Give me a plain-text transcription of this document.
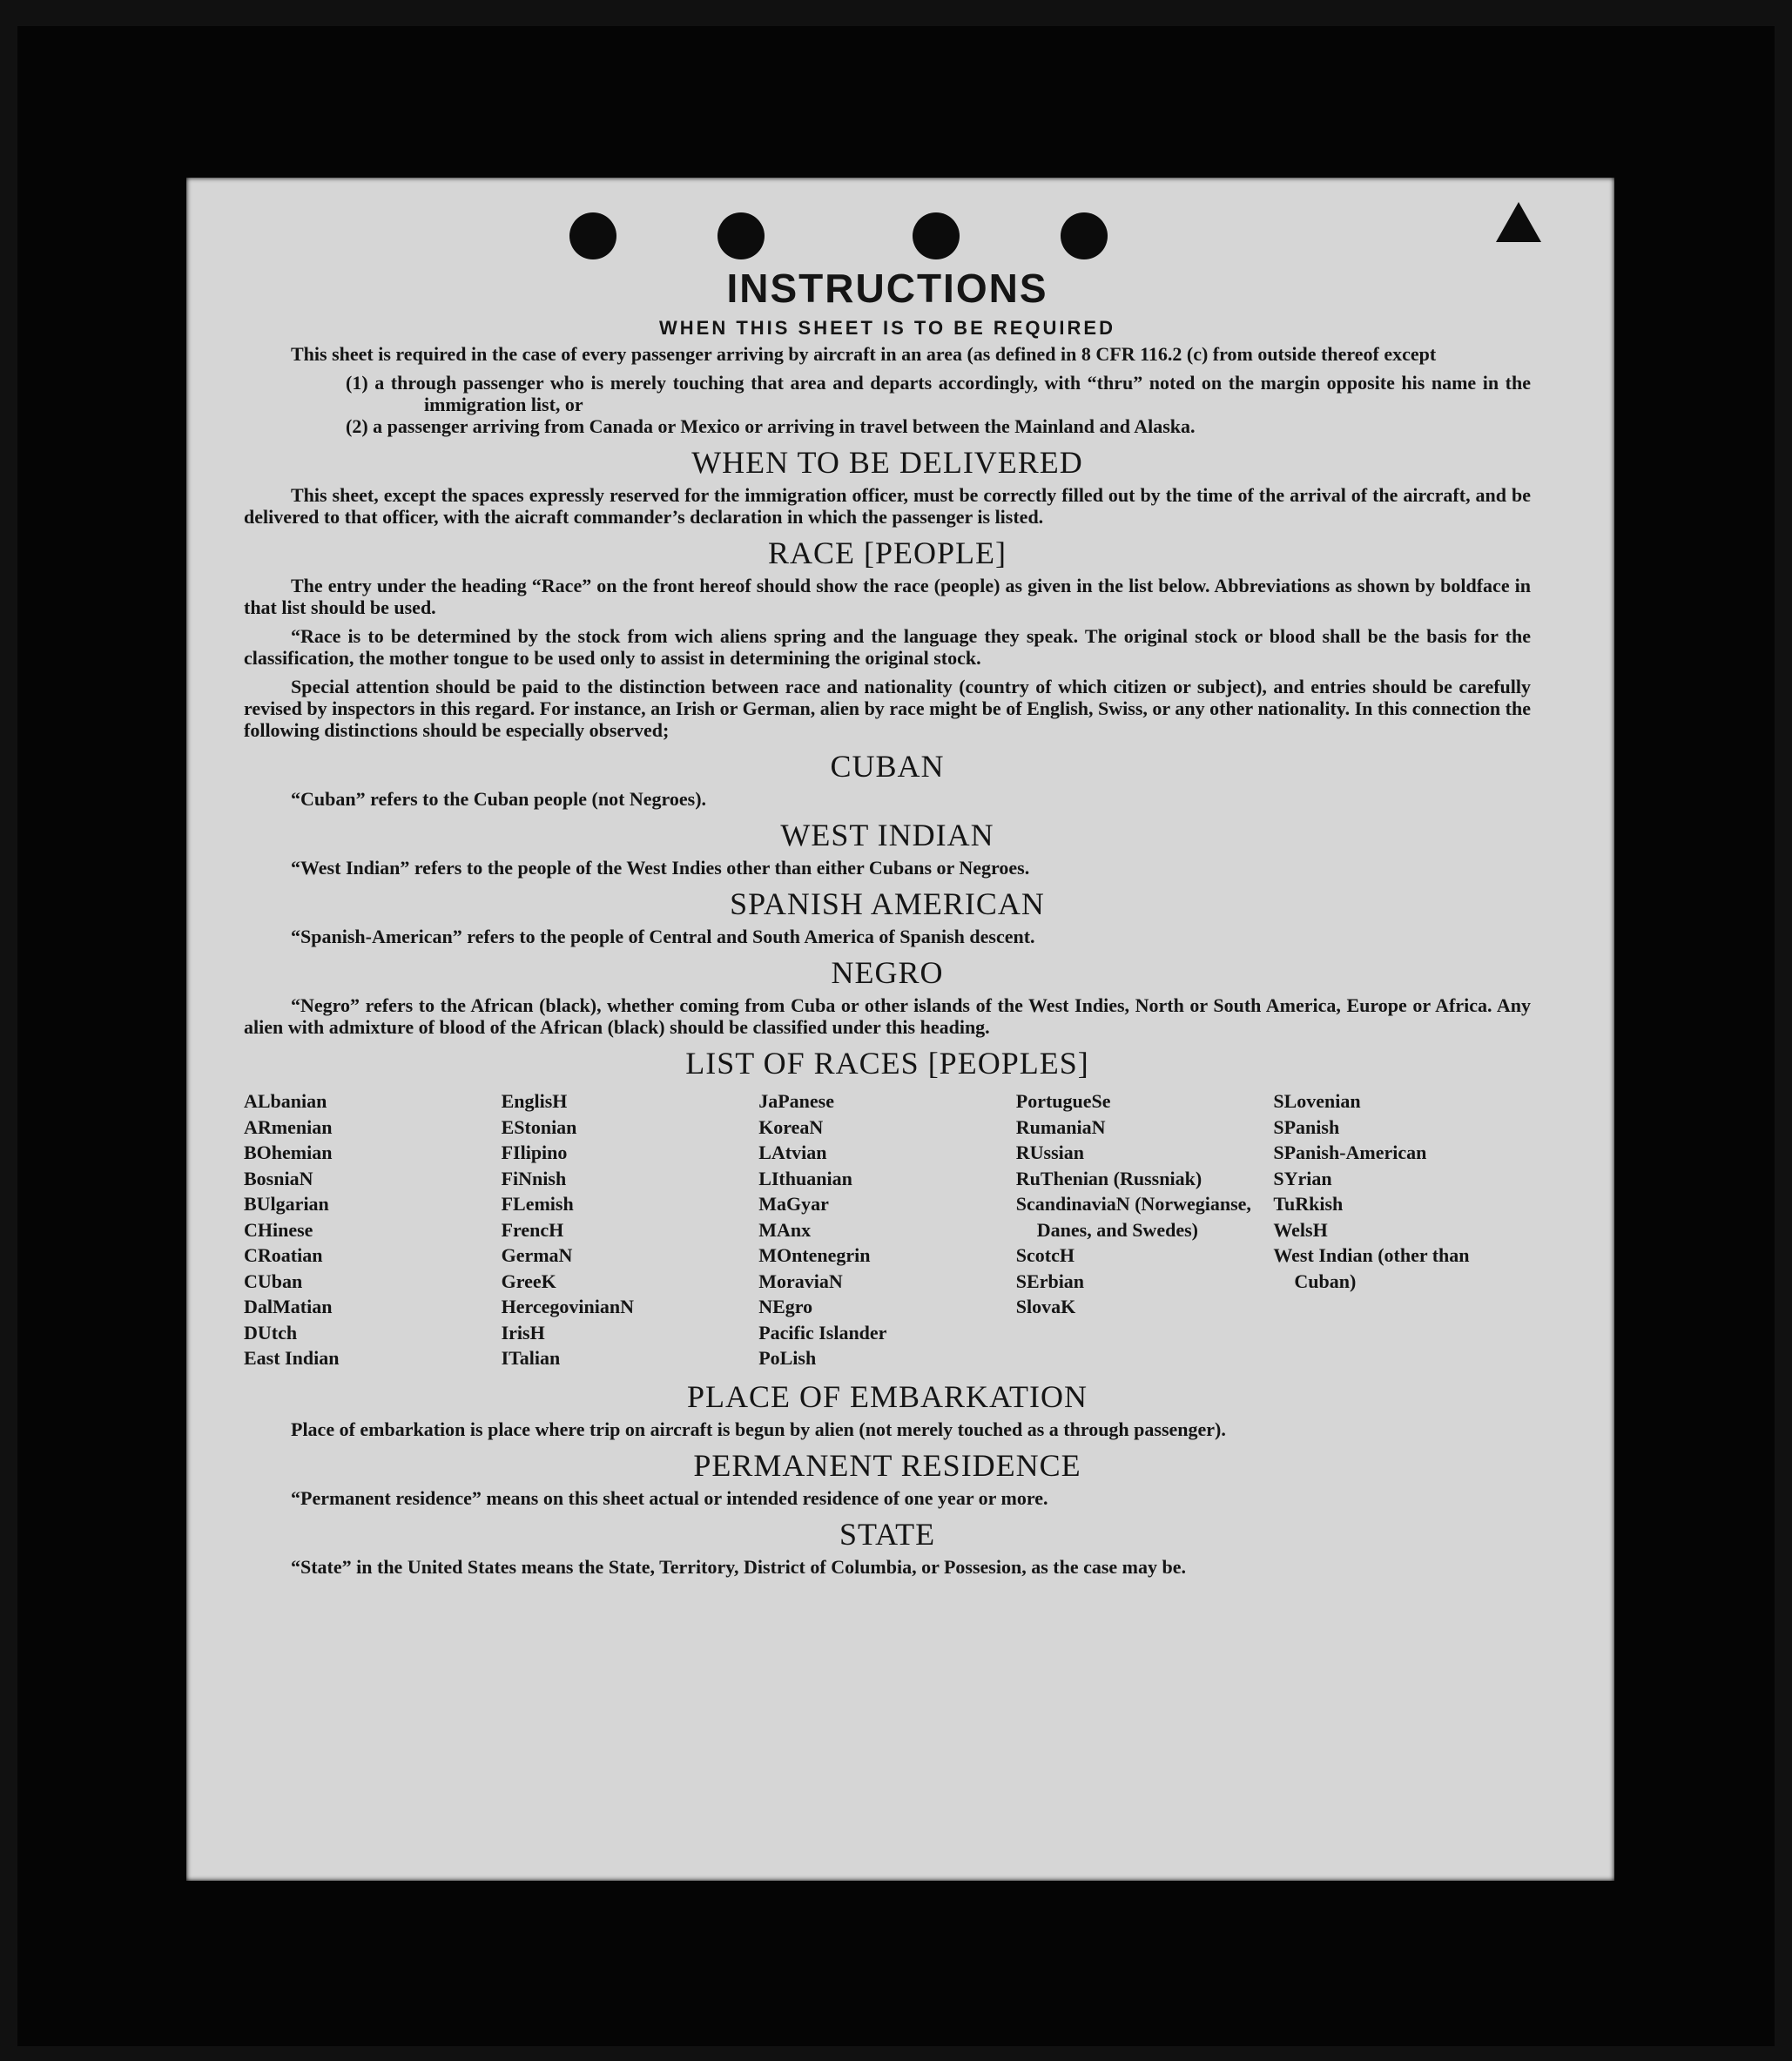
INSTRUCTIONS
WHEN THIS SHEET IS TO BE REQUIRED

This sheet is required in the case of every passenger arriving by aircraft in an area (as defined in 8 CFR 116.2 (c) from outside thereof except

(1) a through passenger who is merely touching that area and departs accordingly, with “thru” noted on the margin opposite his name in the immigration list, or
(2) a passenger arriving from Canada or Mexico or arriving in travel between the Mainland and Alaska.
WHEN TO BE DELIVERED

This sheet, except the spaces expressly reserved for the immigration officer, must be correctly filled out by the time of the arrival of the aircraft, and be delivered to that officer, with the aicraft commander’s declaration in which the passenger is listed.

RACE [PEOPLE]

The entry under the heading “Race” on the front hereof should show the race (people) as given in the list below. Abbreviations as shown by boldface in that list should be used.

“Race is to be determined by the stock from wich aliens spring and the language they speak. The original stock or blood shall be the basis for the classification, the mother tongue to be used only to assist in determining the original stock.

Special attention should be paid to the distinction between race and nationality (country of which citizen or subject), and entries should be carefully revised by inspectors in this regard. For instance, an Irish or German, alien by race might be of English, Swiss, or any other nationality. In this connection the following distinctions should be especially observed;

CUBAN

“Cuban” refers to the Cuban people (not Negroes).

WEST INDIAN

“West Indian” refers to the people of the West Indies other than either Cubans or Negroes.

SPANISH AMERICAN

“Spanish-American” refers to the people of Central and South America of Spanish descent.

NEGRO

“Negro” refers to the African (black), whether coming from Cuba or other islands of the West Indies, North or South America, Europe or Africa. Any alien with admixture of blood of the African (black) should be classified under this heading.

LIST OF RACES [PEOPLES]
ALbanian
ARmenian
BOhemian
BosniaN
BUlgarian
CHinese
CRoatian
CUban
DalMatian
DUtch
East Indian
EnglisH
EStonian
FIlipino
FiNnish
FLemish
FrencH
GermaN
GreeK
HercegovinianN
IrisH
ITalian
JaPanese
KoreaN
LAtvian
LIthuanian
MaGyar
MAnx
MOntenegrin
MoraviaN
NEgro
Pacific Islander
PoLish
PortugueSe
RumaniaN
RUssian
RuThenian (Russniak)
ScandinaviaN (Norwegianse, Danes, and Swedes)
ScotcH
SErbian
SlovaK
SLovenian
SPanish
SPanish-American
SYrian
TuRkish
WelsH
West Indian (other than Cuban)
PLACE OF EMBARKATION

Place of embarkation is place where trip on aircraft is begun by alien (not merely touched as a through passenger).

PERMANENT RESIDENCE

“Permanent residence” means on this sheet actual or intended residence of one year or more.

STATE

“State” in the United States means the State, Territory, District of Columbia, or Possesion, as the case may be.
